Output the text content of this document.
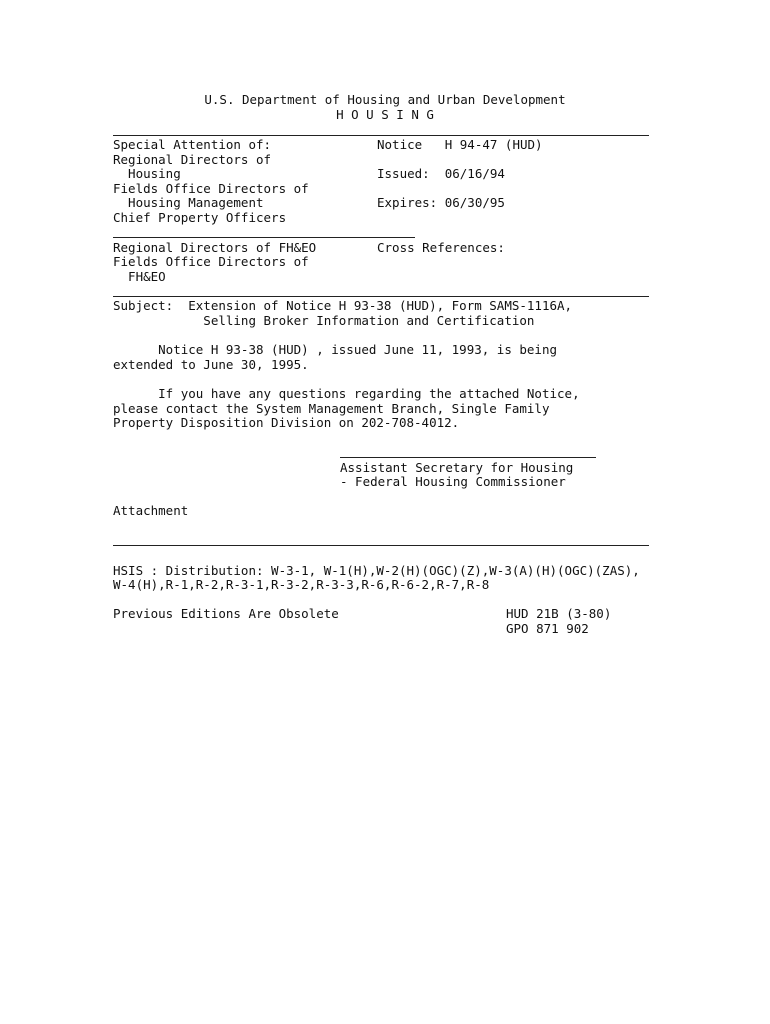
U.S. Department of Housing and Urban Development
H O U S I N G
Special Attention of:
Regional Directors of
Housing
Fields Office Directors of
Housing Management
Chief Property Officers
Notice   H 94-47 (HUD)
Issued:  06/16/94
Expires: 06/30/95
Regional Directors of FH&EO
Fields Office Directors of
FH&EO
Cross References:
Subject:  Extension of Notice H 93-38 (HUD), Form SAMS-1116A,
Selling Broker Information and Certification
Notice H 93-38 (HUD) , issued June 11, 1993, is being
extended to June 30, 1995.
If you have any questions regarding the attached Notice,
please contact the System Management Branch, Single Family
Property Disposition Division on 202-708-4012.
Assistant Secretary for Housing
- Federal Housing Commissioner
Attachment
HSIS : Distribution: W-3-1, W-1(H),W-2(H)(OGC)(Z),W-3(A)(H)(OGC)(ZAS),
W-4(H),R-1,R-2,R-3-1,R-3-2,R-3-3,R-6,R-6-2,R-7,R-8
Previous Editions Are Obsolete	HUD 21B (3-80)
GPO 871 902
